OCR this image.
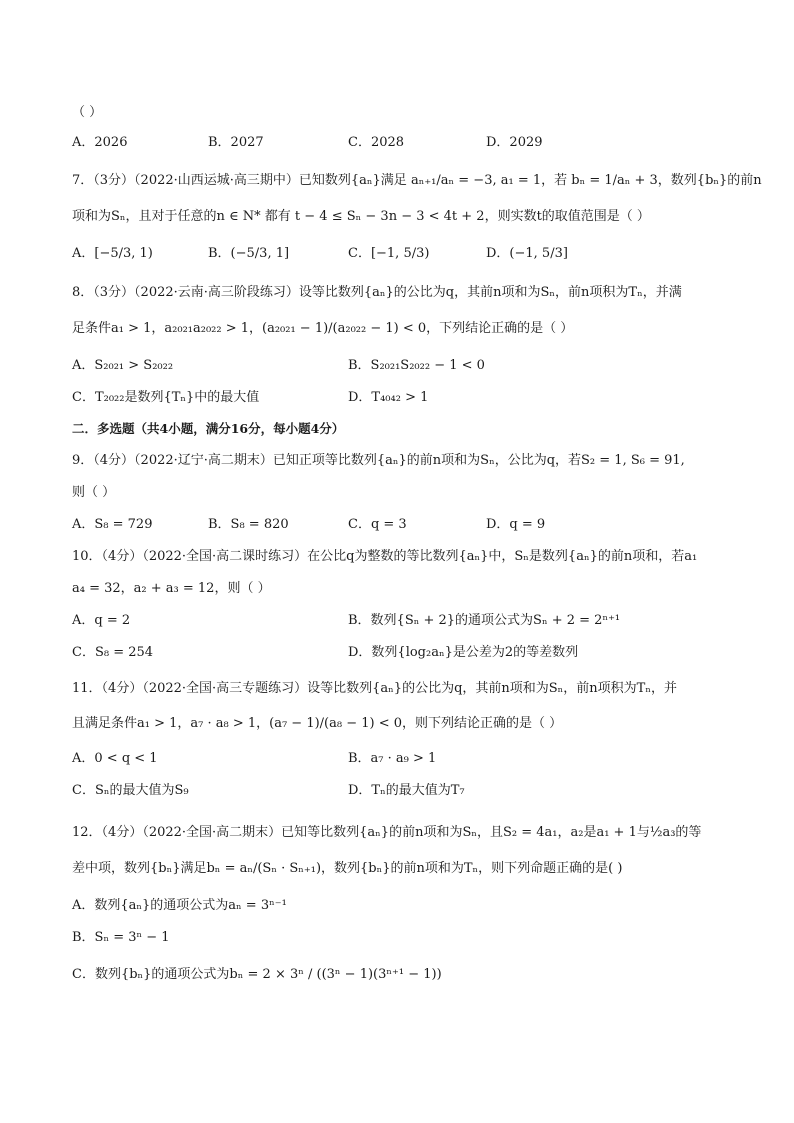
（ ）
A．2026	B．2027	C．2028	D．2029
7．（3分）（2022·山西运城·高三期中）已知数列{aₙ}满足 aₙ₊₁/aₙ = −3, a₁ = 1，若 bₙ = 1/aₙ + 3，数列{bₙ}的前n
项和为Sₙ，且对于任意的n ∈ N* 都有 t − 4 ≤ Sₙ − 3n − 3 < 4t + 2，则实数t的取值范围是（ ）
A．[−5/3, 1)	B．(−5/3, 1]	C．[−1, 5/3)	D．(−1, 5/3]
8．（3分）（2022·云南·高三阶段练习）设等比数列{aₙ}的公比为q，其前n项和为Sₙ，前n项积为Tₙ，并满
足条件a₁ > 1，a₂₀₂₁a₂₀₂₂ > 1，(a₂₀₂₁ − 1)/(a₂₀₂₂ − 1) < 0，下列结论正确的是（ ）
A．S₂₀₂₁ > S₂₀₂₂	B．S₂₀₂₁S₂₀₂₂ − 1 < 0
C．T₂₀₂₂是数列{Tₙ}中的最大值	D．T₄₀₄₂ > 1
二．多选题（共4小题，满分16分，每小题4分）
9．（4分）（2022·辽宁·高二期末）已知正项等比数列{aₙ}的前n项和为Sₙ，公比为q，若S₂ = 1, S₆ = 91,
则（ ）
A．S₈ = 729	B．S₈ = 820	C．q = 3	D．q = 9
10．（4分）（2022·全国·高二课时练习）在公比q为整数的等比数列{aₙ}中，Sₙ是数列{aₙ}的前n项和，若a₁
a₄ = 32，a₂ + a₃ = 12，则（ ）
A．q = 2	B．数列{Sₙ + 2}的通项公式为Sₙ + 2 = 2ⁿ⁺¹
C．S₈ = 254	D．数列{log₂aₙ}是公差为2的等差数列
11．（4分）（2022·全国·高三专题练习）设等比数列{aₙ}的公比为q，其前n项和为Sₙ，前n项积为Tₙ，并
且满足条件a₁ > 1，a₇ · a₈ > 1，(a₇ − 1)/(a₈ − 1) < 0，则下列结论正确的是（ ）
A．0 < q < 1	B．a₇ · a₉ > 1
C．Sₙ的最大值为S₉	D．Tₙ的最大值为T₇
12．（4分）（2022·全国·高二期末）已知等比数列{aₙ}的前n项和为Sₙ，且S₂ = 4a₁，a₂是a₁ + 1与½a₃的等
差中项，数列{bₙ}满足bₙ = aₙ/(Sₙ · Sₙ₊₁)，数列{bₙ}的前n项和为Tₙ，则下列命题正确的是( )
A．数列{aₙ}的通项公式为aₙ = 3ⁿ⁻¹
B．Sₙ = 3ⁿ − 1
C．数列{bₙ}的通项公式为bₙ = 2 × 3ⁿ / ((3ⁿ − 1)(3ⁿ⁺¹ − 1))
